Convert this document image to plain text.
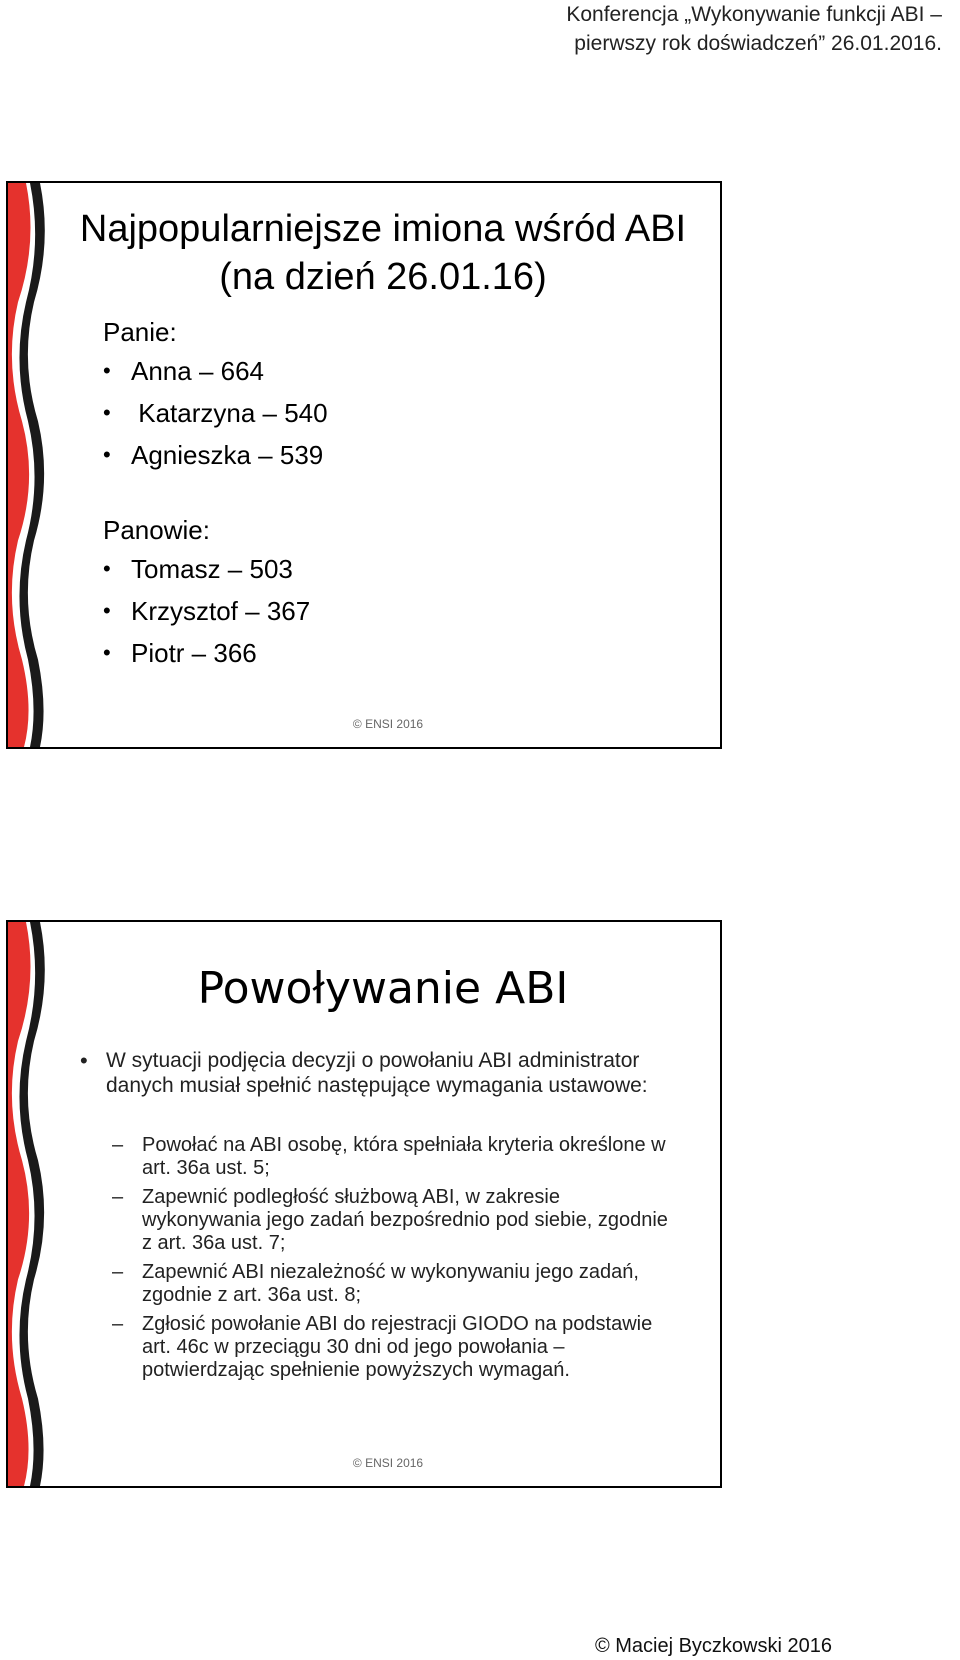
Konferencja „Wykonywanie funkcji ABI –
pierwszy rok doświadczeń” 26.01.2016.
Najpopularniejsze imiona wśród ABI
(na dzień 26.01.16)
Panie:
• Anna – 664
• Katarzyna – 540
• Agnieszka – 539
Panowie:
• Tomasz – 503
• Krzysztof – 367
• Piotr – 366
© ENSI 2016
Powoływanie ABI
• W sytuacji podjęcia decyzji o powołaniu ABI administrator danych musiał spełnić następujące wymagania ustawowe:
– Powołać na ABI osobę, która spełniała kryteria określone w art. 36a ust. 5;
– Zapewnić podległość służbową ABI, w zakresie wykonywania jego zadań bezpośrednio pod siebie, zgodnie z art. 36a ust. 7;
– Zapewnić ABI niezależność w wykonywaniu jego zadań, zgodnie z art. 36a ust. 8;
– Zgłosić powołanie ABI do rejestracji GIODO na podstawie art. 46c w przeciągu 30 dni od jego powołania – potwierdzając spełnienie powyższych wymagań.
© ENSI 2016
© Maciej Byczkowski 2016
